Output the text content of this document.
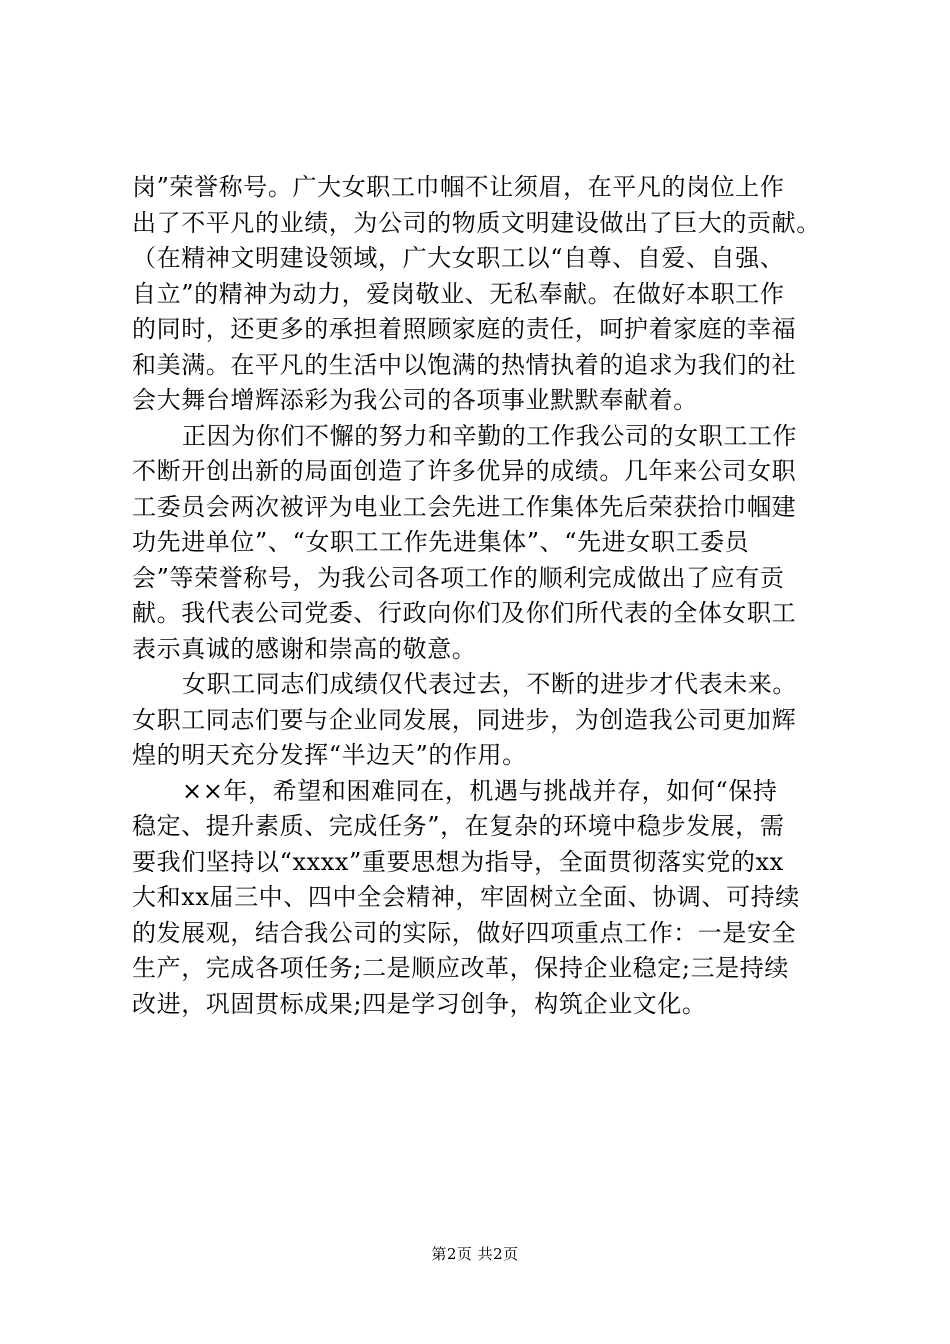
岗”荣誉称号。广大女职工巾帼不让须眉，在平凡的岗位上作
出了不平凡的业绩，为公司的物质文明建设做出了巨大的贡献。
（在精神文明建设领域，广大女职工以“自尊、自爱、自强、
自立”的精神为动力，爱岗敬业、无私奉献。在做好本职工作
的同时，还更多的承担着照顾家庭的责任，呵护着家庭的幸福
和美满。在平凡的生活中以饱满的热情执着的追求为我们的社
会大舞台增辉添彩为我公司的各项事业默默奉献着。
正因为你们不懈的努力和辛勤的工作我公司的女职工工作
不断开创出新的局面创造了许多优异的成绩。几年来公司女职
工委员会两次被评为电业工会先进工作集体先后荣获拾巾帼建
功先进单位”、“女职工工作先进集体”、“先进女职工委员
会”等荣誉称号，为我公司各项工作的顺利完成做出了应有贡
献。我代表公司党委、行政向你们及你们所代表的全体女职工
表示真诚的感谢和崇高的敬意。
女职工同志们成绩仅代表过去，不断的进步才代表未来。
女职工同志们要与企业同发展，同进步，为创造我公司更加辉
煌的明天充分发挥“半边天”的作用。
××年，希望和困难同在，机遇与挑战并存，如何“保持
稳定、提升素质、完成任务”，在复杂的环境中稳步发展，需
要我们坚持以“xxxx”重要思想为指导，全面贯彻落实党的xx
大和xx届三中、四中全会精神，牢固树立全面、协调、可持续
的发展观，结合我公司的实际，做好四项重点工作：一是安全
生产，完成各项任务;二是顺应改革，保持企业稳定;三是持续
改进，巩固贯标成果;四是学习创争，构筑企业文化。
第2页 共2页
